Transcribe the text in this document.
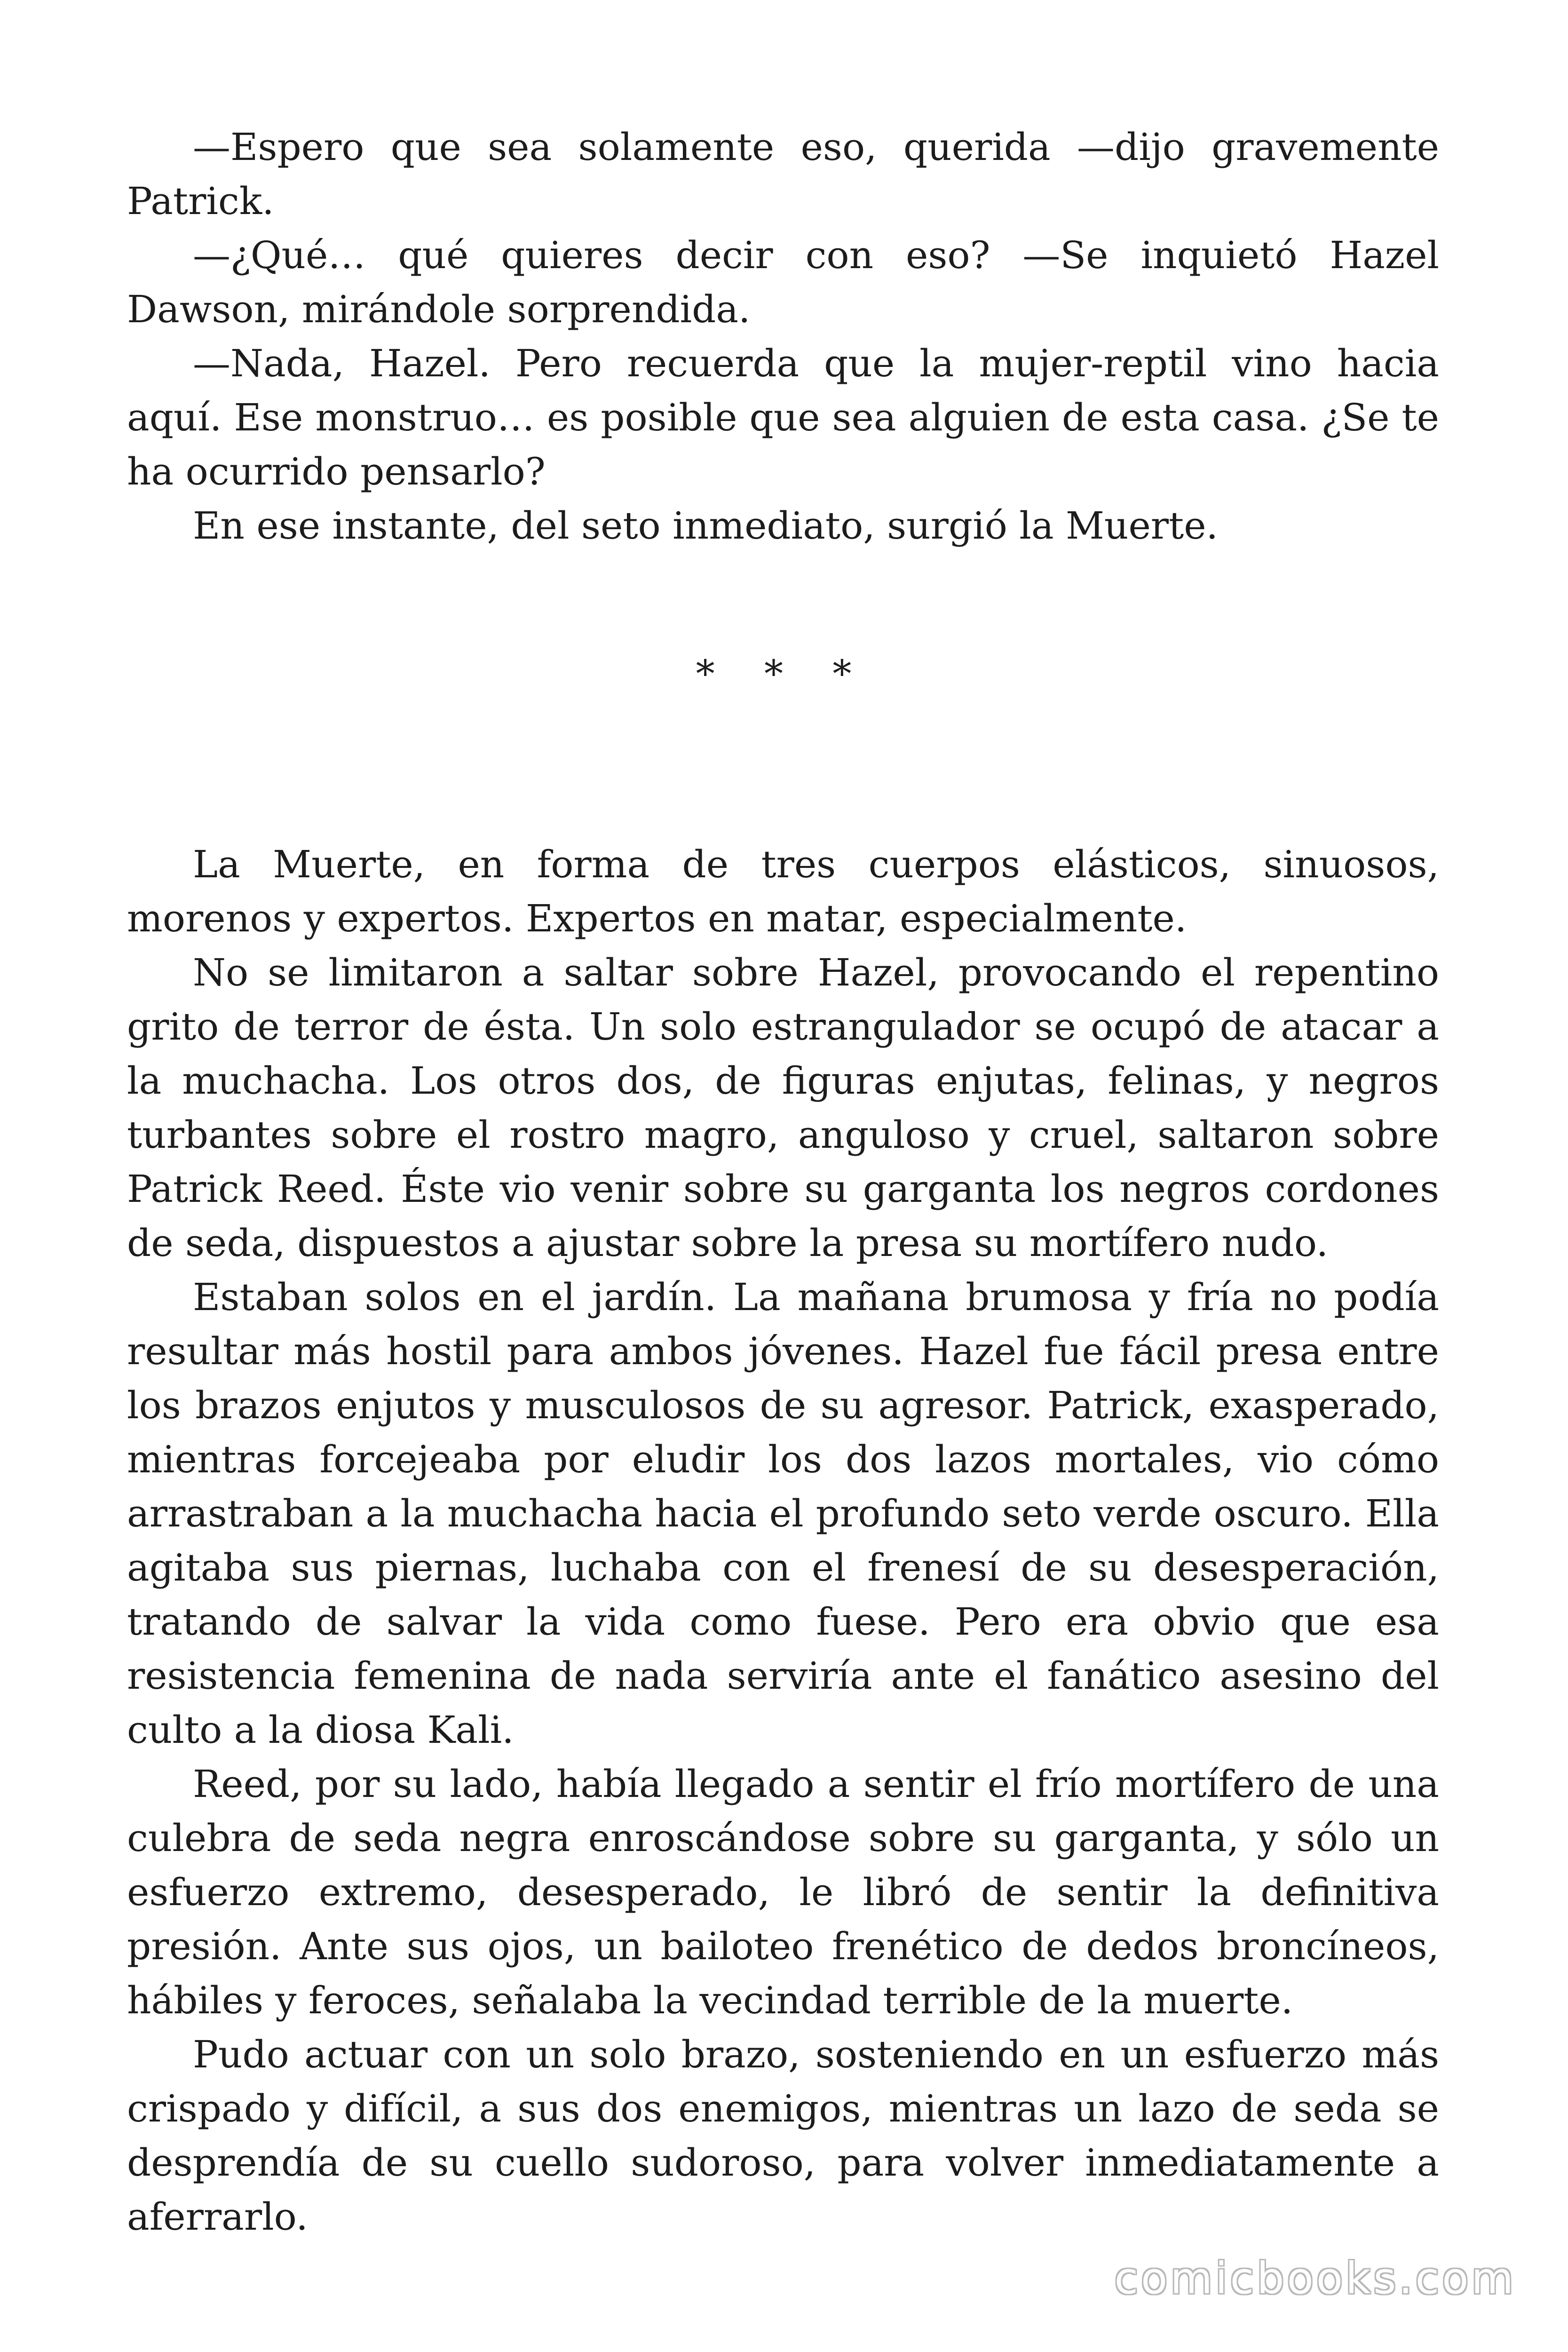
—Espero que sea solamente eso, querida —dijo gravemente Patrick.

—¿Qué… qué quieres decir con eso? —Se inquietó Hazel Dawson, mirándole sorprendida.

—Nada, Hazel. Pero recuerda que la mujer-reptil vino hacia aquí. Ese monstruo… es posible que sea alguien de esta casa. ¿Se te ha ocurrido pensarlo?

En ese instante, del seto inmediato, surgió la Muerte.

* * *

La Muerte, en forma de tres cuerpos elásticos, sinuosos, morenos y expertos. Expertos en matar, especialmente.

No se limitaron a saltar sobre Hazel, provocando el repentino grito de terror de ésta. Un solo estrangulador se ocupó de atacar a la muchacha. Los otros dos, de figuras enjutas, felinas, y negros turbantes sobre el rostro magro, anguloso y cruel, saltaron sobre Patrick Reed. Éste vio venir sobre su garganta los negros cordones de seda, dispuestos a ajustar sobre la presa su mortífero nudo.

Estaban solos en el jardín. La mañana brumosa y fría no podía resultar más hostil para ambos jóvenes. Hazel fue fácil presa entre los brazos enjutos y musculosos de su agresor. Patrick, exasperado, mientras forcejeaba por eludir los dos lazos mortales, vio cómo arrastraban a la muchacha hacia el profundo seto verde oscuro. Ella agitaba sus piernas, luchaba con el frenesí de su desesperación, tratando de salvar la vida como fuese. Pero era obvio que esa resistencia femenina de nada serviría ante el fanático asesino del culto a la diosa Kali.

Reed, por su lado, había llegado a sentir el frío mortífero de una culebra de seda negra enroscándose sobre su garganta, y sólo un esfuerzo extremo, desesperado, le libró de sentir la definitiva presión. Ante sus ojos, un bailoteo frenético de dedos broncíneos, hábiles y feroces, señalaba la vecindad terrible de la muerte.

Pudo actuar con un solo brazo, sosteniendo en un esfuerzo más crispado y difícil, a sus dos enemigos, mientras un lazo de seda se desprendía de su cuello sudoroso, para volver inmediatamente a aferrarlo.

comicbooks.com
